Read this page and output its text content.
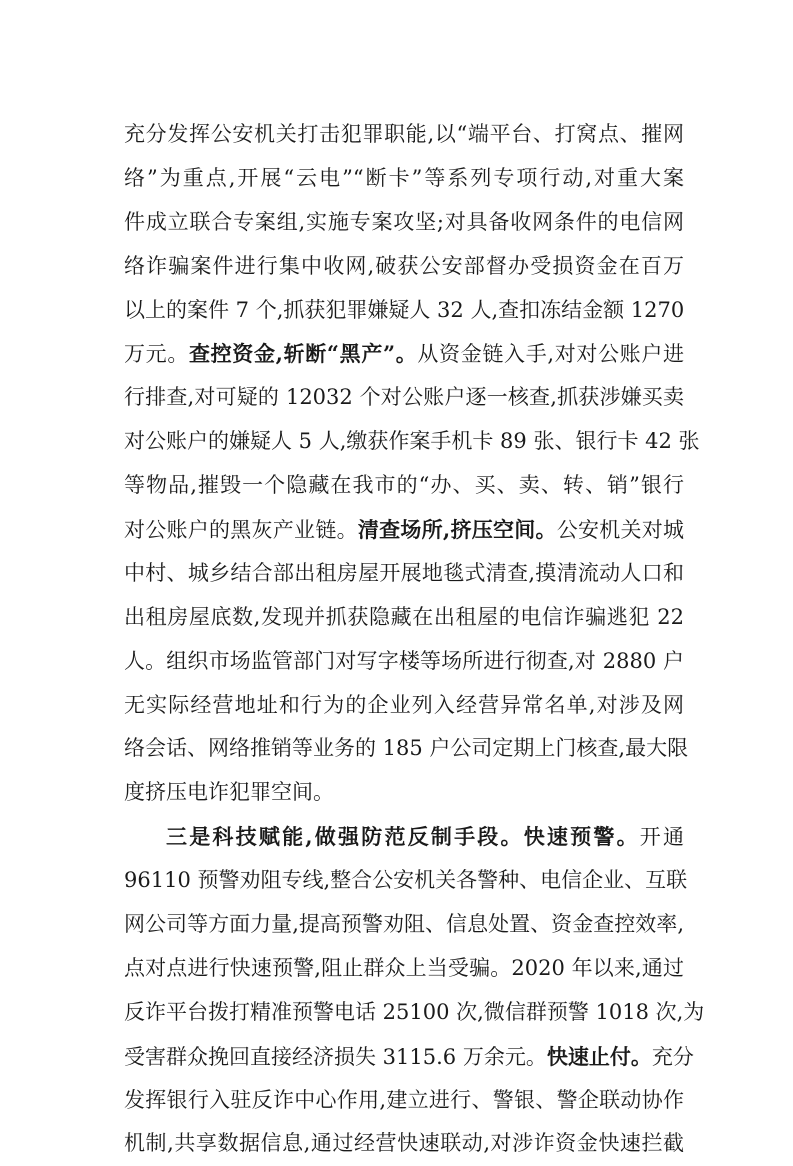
充分发挥公安机关打击犯罪职能,以“端平台、打窝点、摧网
络”为重点,开展“云电”“断卡”等系列专项行动,对重大案
件成立联合专案组,实施专案攻坚;对具备收网条件的电信网
络诈骗案件进行集中收网,破获公安部督办受损资金在百万
以上的案件 7 个,抓获犯罪嫌疑人 32 人,查扣冻结金额 1270
万元。查控资金,斩断“黑产”。从资金链入手,对对公账户进
行排查,对可疑的 12032 个对公账户逐一核查,抓获涉嫌买卖
对公账户的嫌疑人 5 人,缴获作案手机卡 89 张、银行卡 42 张
等物品,摧毁一个隐藏在我市的“办、买、卖、转、销”银行
对公账户的黑灰产业链。清查场所,挤压空间。公安机关对城
中村、城乡结合部出租房屋开展地毯式清查,摸清流动人口和
出租房屋底数,发现并抓获隐藏在出租屋的电信诈骗逃犯 22
人。组织市场监管部门对写字楼等场所进行彻查,对 2880 户
无实际经营地址和行为的企业列入经营异常名单,对涉及网
络会话、网络推销等业务的 185 户公司定期上门核查,最大限
度挤压电诈犯罪空间。
三是科技赋能,做强防范反制手段。快速预警。开通
96110 预警劝阻专线,整合公安机关各警种、电信企业、互联
网公司等方面力量,提高预警劝阻、信息处置、资金查控效率,
点对点进行快速预警,阻止群众上当受骗。2020 年以来,通过
反诈平台拨打精准预警电话 25100 次,微信群预警 1018 次,为
受害群众挽回直接经济损失 3115.6 万余元。快速止付。充分
发挥银行入驻反诈中心作用,建立进行、警银、警企联动协作
机制,共享数据信息,通过经营快速联动,对涉诈资金快速拦截
